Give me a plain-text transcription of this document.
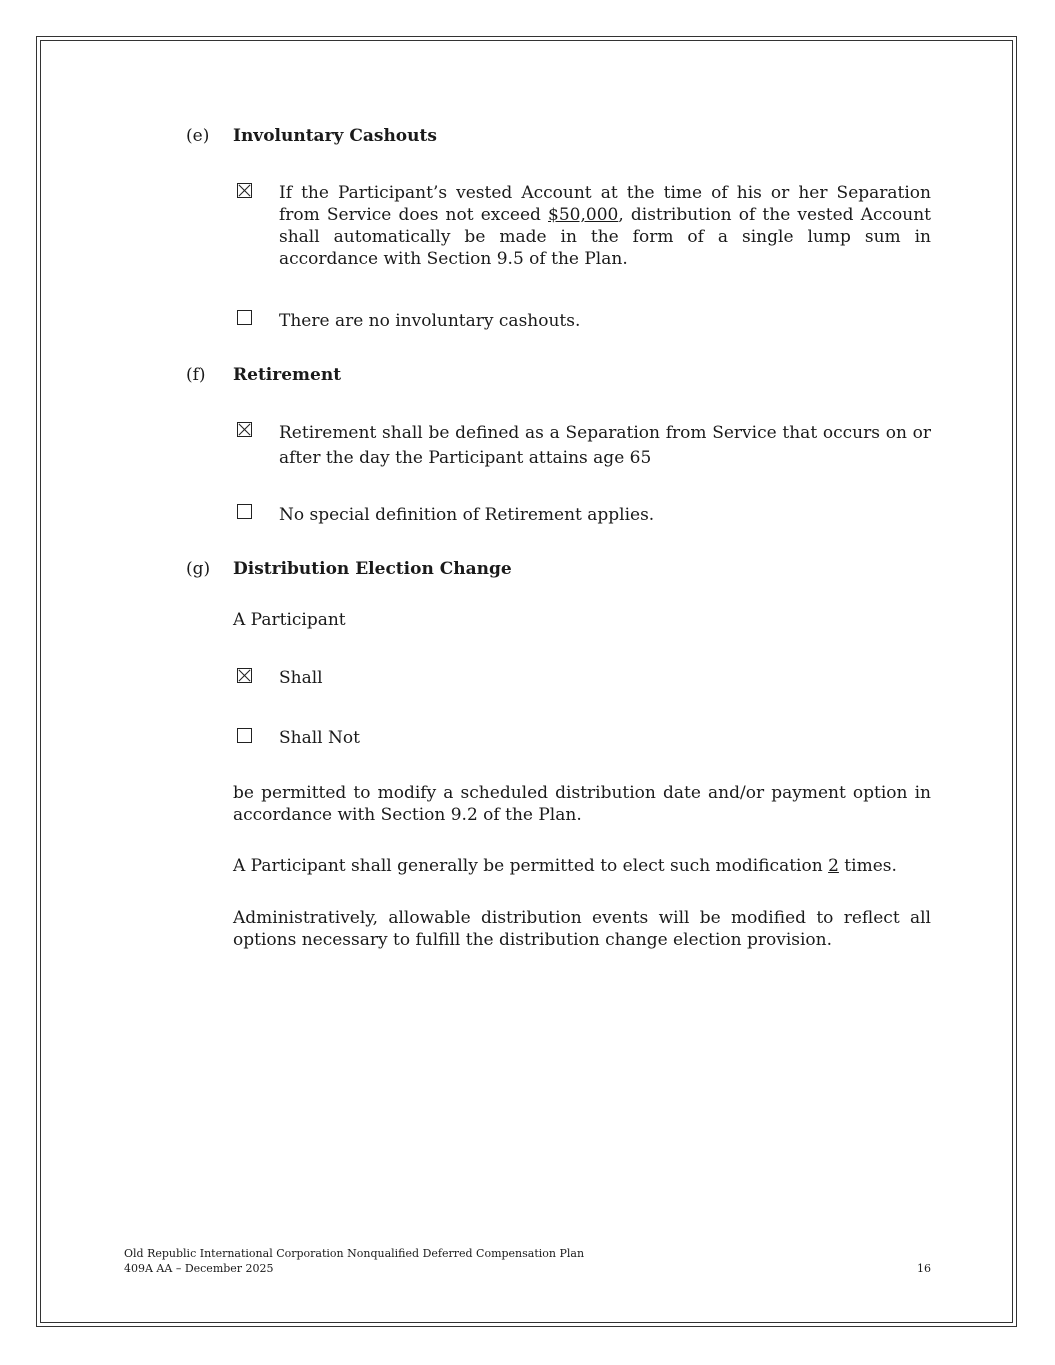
(e) Involuntary Cashouts
If the Participant’s vested Account at the time of his or her Separation from Service does not exceed $50,000, distribution of the vested Account shall automatically be made in the form of a single lump sum in accordance with Section 9.5 of the Plan.
There are no involuntary cashouts.
(f) Retirement
Retirement shall be defined as a Separation from Service that occurs on or after the day the Participant attains age 65
No special definition of Retirement applies.
(g) Distribution Election Change
A Participant
Shall
Shall Not
be permitted to modify a scheduled distribution date and/or payment option in accordance with Section 9.2 of the Plan.
A Participant shall generally be permitted to elect such modification 2 times.
Administratively, allowable distribution events will be modified to reflect all options necessary to fulfill the distribution change election provision.
Old Republic International Corporation Nonqualified Deferred Compensation Plan
409A AA – December 2025	16
